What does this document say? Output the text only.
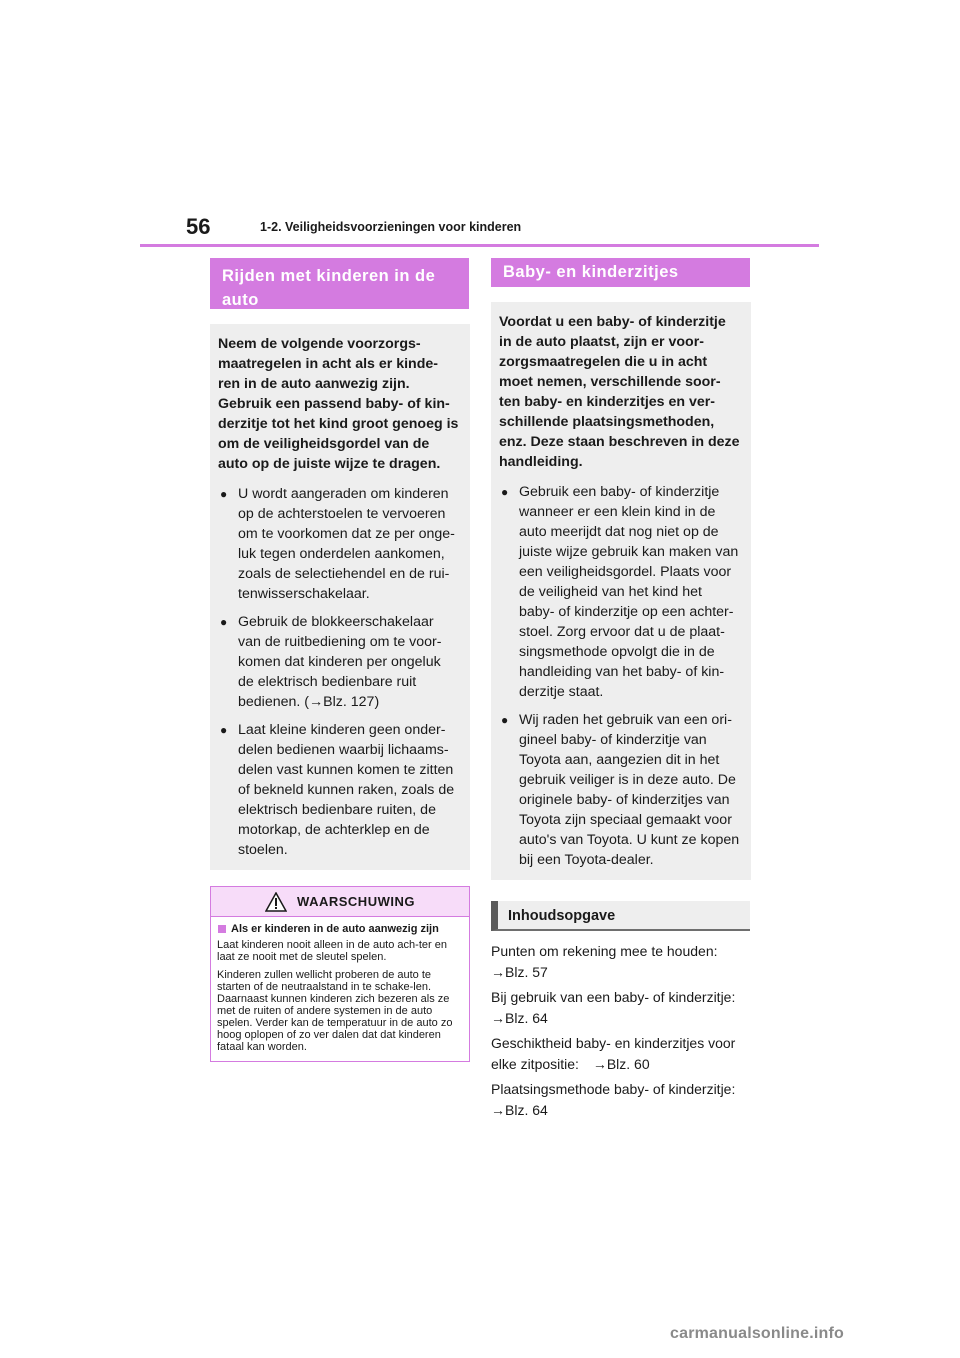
56	1-2. Veiligheidsvoorzieningen voor kinderen
Rijden met kinderen in de auto

Neem de volgende voorzorgs-maatregelen in acht als er kinde-ren in de auto aanwezig zijn. Gebruik een passend baby- of kin-derzitje tot het kind groot genoeg is om de veiligheidsgordel van de auto op de juiste wijze te dragen.

● U wordt aangeraden om kinderen op de achterstoelen te vervoeren om te voorkomen dat ze per onge-luk tegen onderdelen aankomen, zoals de selectiehendel en de rui-tenwisserschakelaar.
● Gebruik de blokkeerschakelaar van de ruitbediening om te voor-komen dat kinderen per ongeluk de elektrisch bedienbare ruit bedienen. (→Blz. 127)
● Laat kleine kinderen geen onder-delen bedienen waarbij lichaams-delen vast kunnen komen te zitten of bekneld kunnen raken, zoals de elektrisch bedienbare ruiten, de motorkap, de achterklep en de stoelen.
WAARSCHUWING
Als er kinderen in de auto aanwezig zijn

Laat kinderen nooit alleen in de auto ach-ter en laat ze nooit met de sleutel spelen.

Kinderen zullen wellicht proberen de auto te starten of de neutraalstand in te schake-len. Daarnaast kunnen kinderen zich bezeren als ze met de ruiten of andere systemen in de auto spelen. Verder kan de temperatuur in de auto zo hoog oplopen of zo ver dalen dat dat kinderen fataal kan worden.

Baby- en kinderzitjes

Voordat u een baby- of kinderzitje in de auto plaatst, zijn er voor-zorgsmaatregelen die u in acht moet nemen, verschillende soor-ten baby- en kinderzitjes en ver-schillende plaatsingsmethoden, enz. Deze staan beschreven in deze handleiding.

● Gebruik een baby- of kinderzitje wanneer er een klein kind in de auto meerijdt dat nog niet op de juiste wijze gebruik kan maken van een veiligheidsgordel. Plaats voor de veiligheid van het kind het baby- of kinderzitje op een achter-stoel. Zorg ervoor dat u de plaat-singsmethode opvolgt die in de handleiding van het baby- of kin-derzitje staat.
● Wij raden het gebruik van een ori-gineel baby- of kinderzitje van Toyota aan, aangezien dit in het gebruik veiliger is in deze auto. De originele baby- of kinderzitjes van Toyota zijn speciaal gemaakt voor auto's van Toyota. U kunt ze kopen bij een Toyota-dealer.
Inhoudsopgave
Punten om rekening mee te houden:
→Blz. 57
Bij gebruik van een baby- of kinderzitje:
→Blz. 64
Geschiktheid baby- en kinderzitjes voor elke zitpositie: →Blz. 60
Plaatsingsmethode baby- of kinderzitje:
→Blz. 64
carmanualsonline.info
